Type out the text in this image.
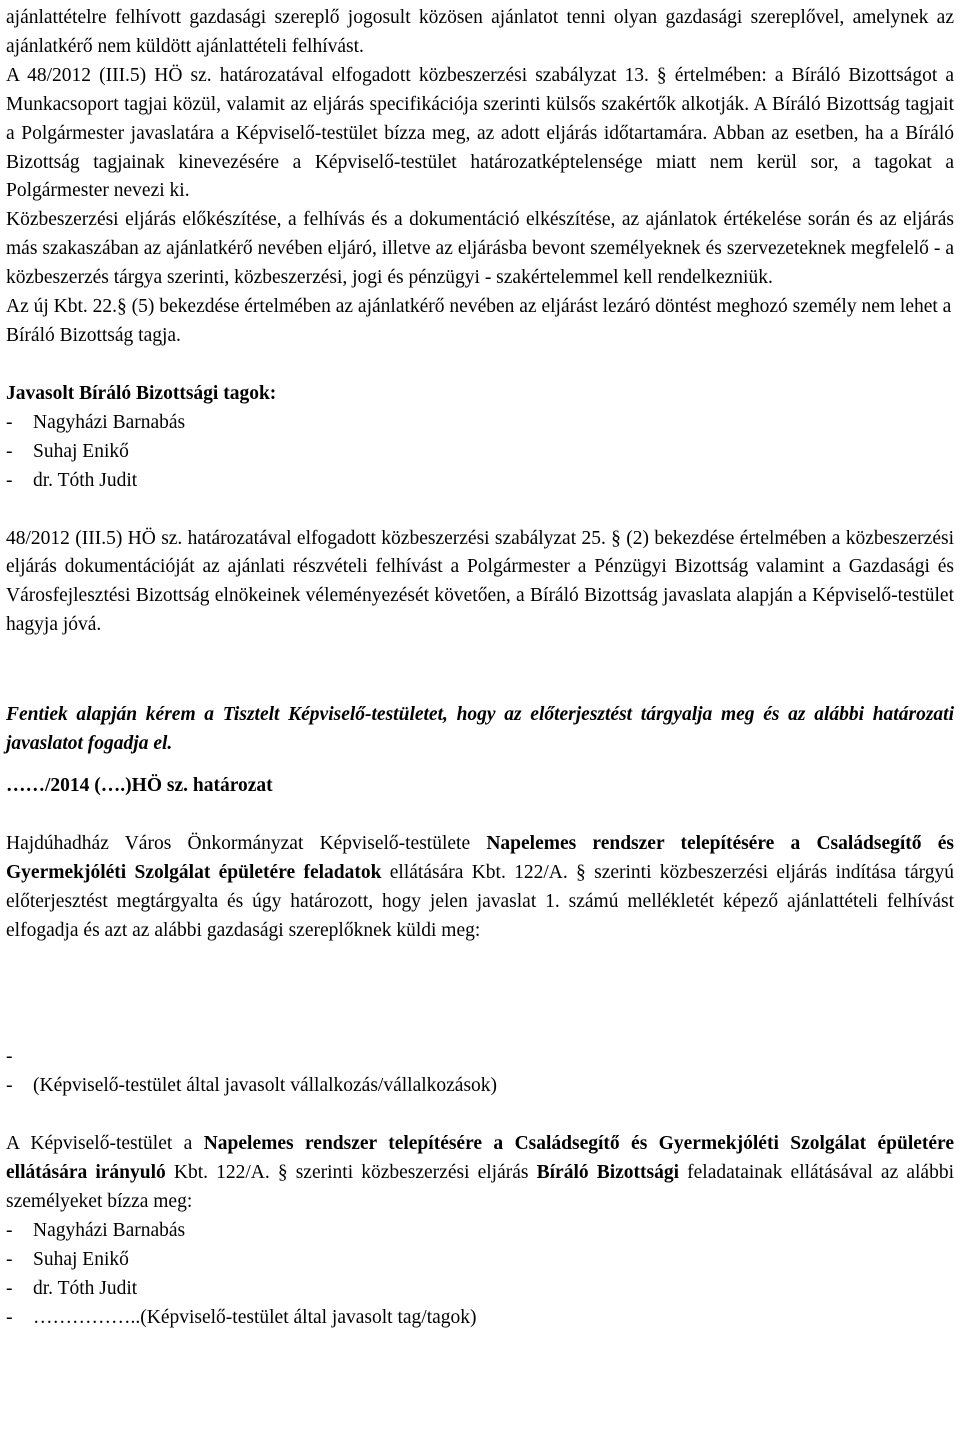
ajánlattételre felhívott gazdasági szereplő jogosult közösen ajánlatot tenni olyan gazdasági szereplővel, amelynek az ajánlatkérő nem küldött ajánlattételi felhívást.

A 48/2012 (III.5) HÖ sz. határozatával elfogadott közbeszerzési szabályzat 13. § értelmében: a Bíráló Bizottságot a Munkacsoport tagjai közül, valamit az eljárás specifikációja szerinti külsős szakértők alkotják. A Bíráló Bizottság tagjait a Polgármester javaslatára a Képviselő-testület bízza meg, az adott eljárás időtartamára. Abban az esetben, ha a Bíráló Bizottság tagjainak kinevezésére a Képviselő-testület határozatképtelensége miatt nem kerül sor, a tagokat a Polgármester nevezi ki.

Közbeszerzési eljárás előkészítése, a felhívás és a dokumentáció elkészítése, az ajánlatok értékelése során és az eljárás más szakaszában az ajánlatkérő nevében eljáró, illetve az eljárásba bevont személyeknek és szervezeteknek megfelelő - a közbeszerzés tárgya szerinti, közbeszerzési, jogi és pénzügyi - szakértelemmel kell rendelkezniük.

Az új Kbt. 22.§ (5) bekezdése értelmében az ajánlatkérő nevében az eljárást lezáró döntést meghozó személy nem lehet a Bíráló Bizottság tagja.

Javasolt Bíráló Bizottsági tagok:

- Nagyházi Barnabás
- Suhaj Enikő
- dr. Tóth Judit

48/2012 (III.5) HÖ sz. határozatával elfogadott közbeszerzési szabályzat 25. § (2) bekezdése értelmében a közbeszerzési eljárás dokumentációját az ajánlati részvételi felhívást a Polgármester a Pénzügyi Bizottság valamint a Gazdasági és Városfejlesztési Bizottság elnökeinek véleményezését követően, a Bíráló Bizottság javaslata alapján a Képviselő-testület hagyja jóvá.

Fentiek alapján kérem a Tisztelt Képviselő-testületet, hogy az előterjesztést tárgyalja meg és az alábbi határozati javaslatot fogadja el.

……/2014 (….)HÖ sz. határozat

Hajdúhadház Város Önkormányzat Képviselő-testülete Napelemes rendszer telepítésére a Családsegítő és Gyermekjóléti Szolgálat épületére feladatok ellátására Kbt. 122/A. § szerinti közbeszerzési eljárás indítása tárgyú előterjesztést megtárgyalta és úgy határozott, hogy jelen javaslat 1. számú mellékletét képező ajánlattételi felhívást elfogadja és azt az alábbi gazdasági szereplőknek küldi meg:

-
- (Képviselő-testület által javasolt vállalkozás/vállalkozások)

A Képviselő-testület a Napelemes rendszer telepítésére a Családsegítő és Gyermekjóléti Szolgálat épületére ellátására irányuló Kbt. 122/A. § szerinti közbeszerzési eljárás Bíráló Bizottsági feladatainak ellátásával az alábbi személyeket bízza meg:

- Nagyházi Barnabás
- Suhaj Enikő
- dr. Tóth Judit
- ……………..(Képviselő-testület által javasolt tag/tagok)
